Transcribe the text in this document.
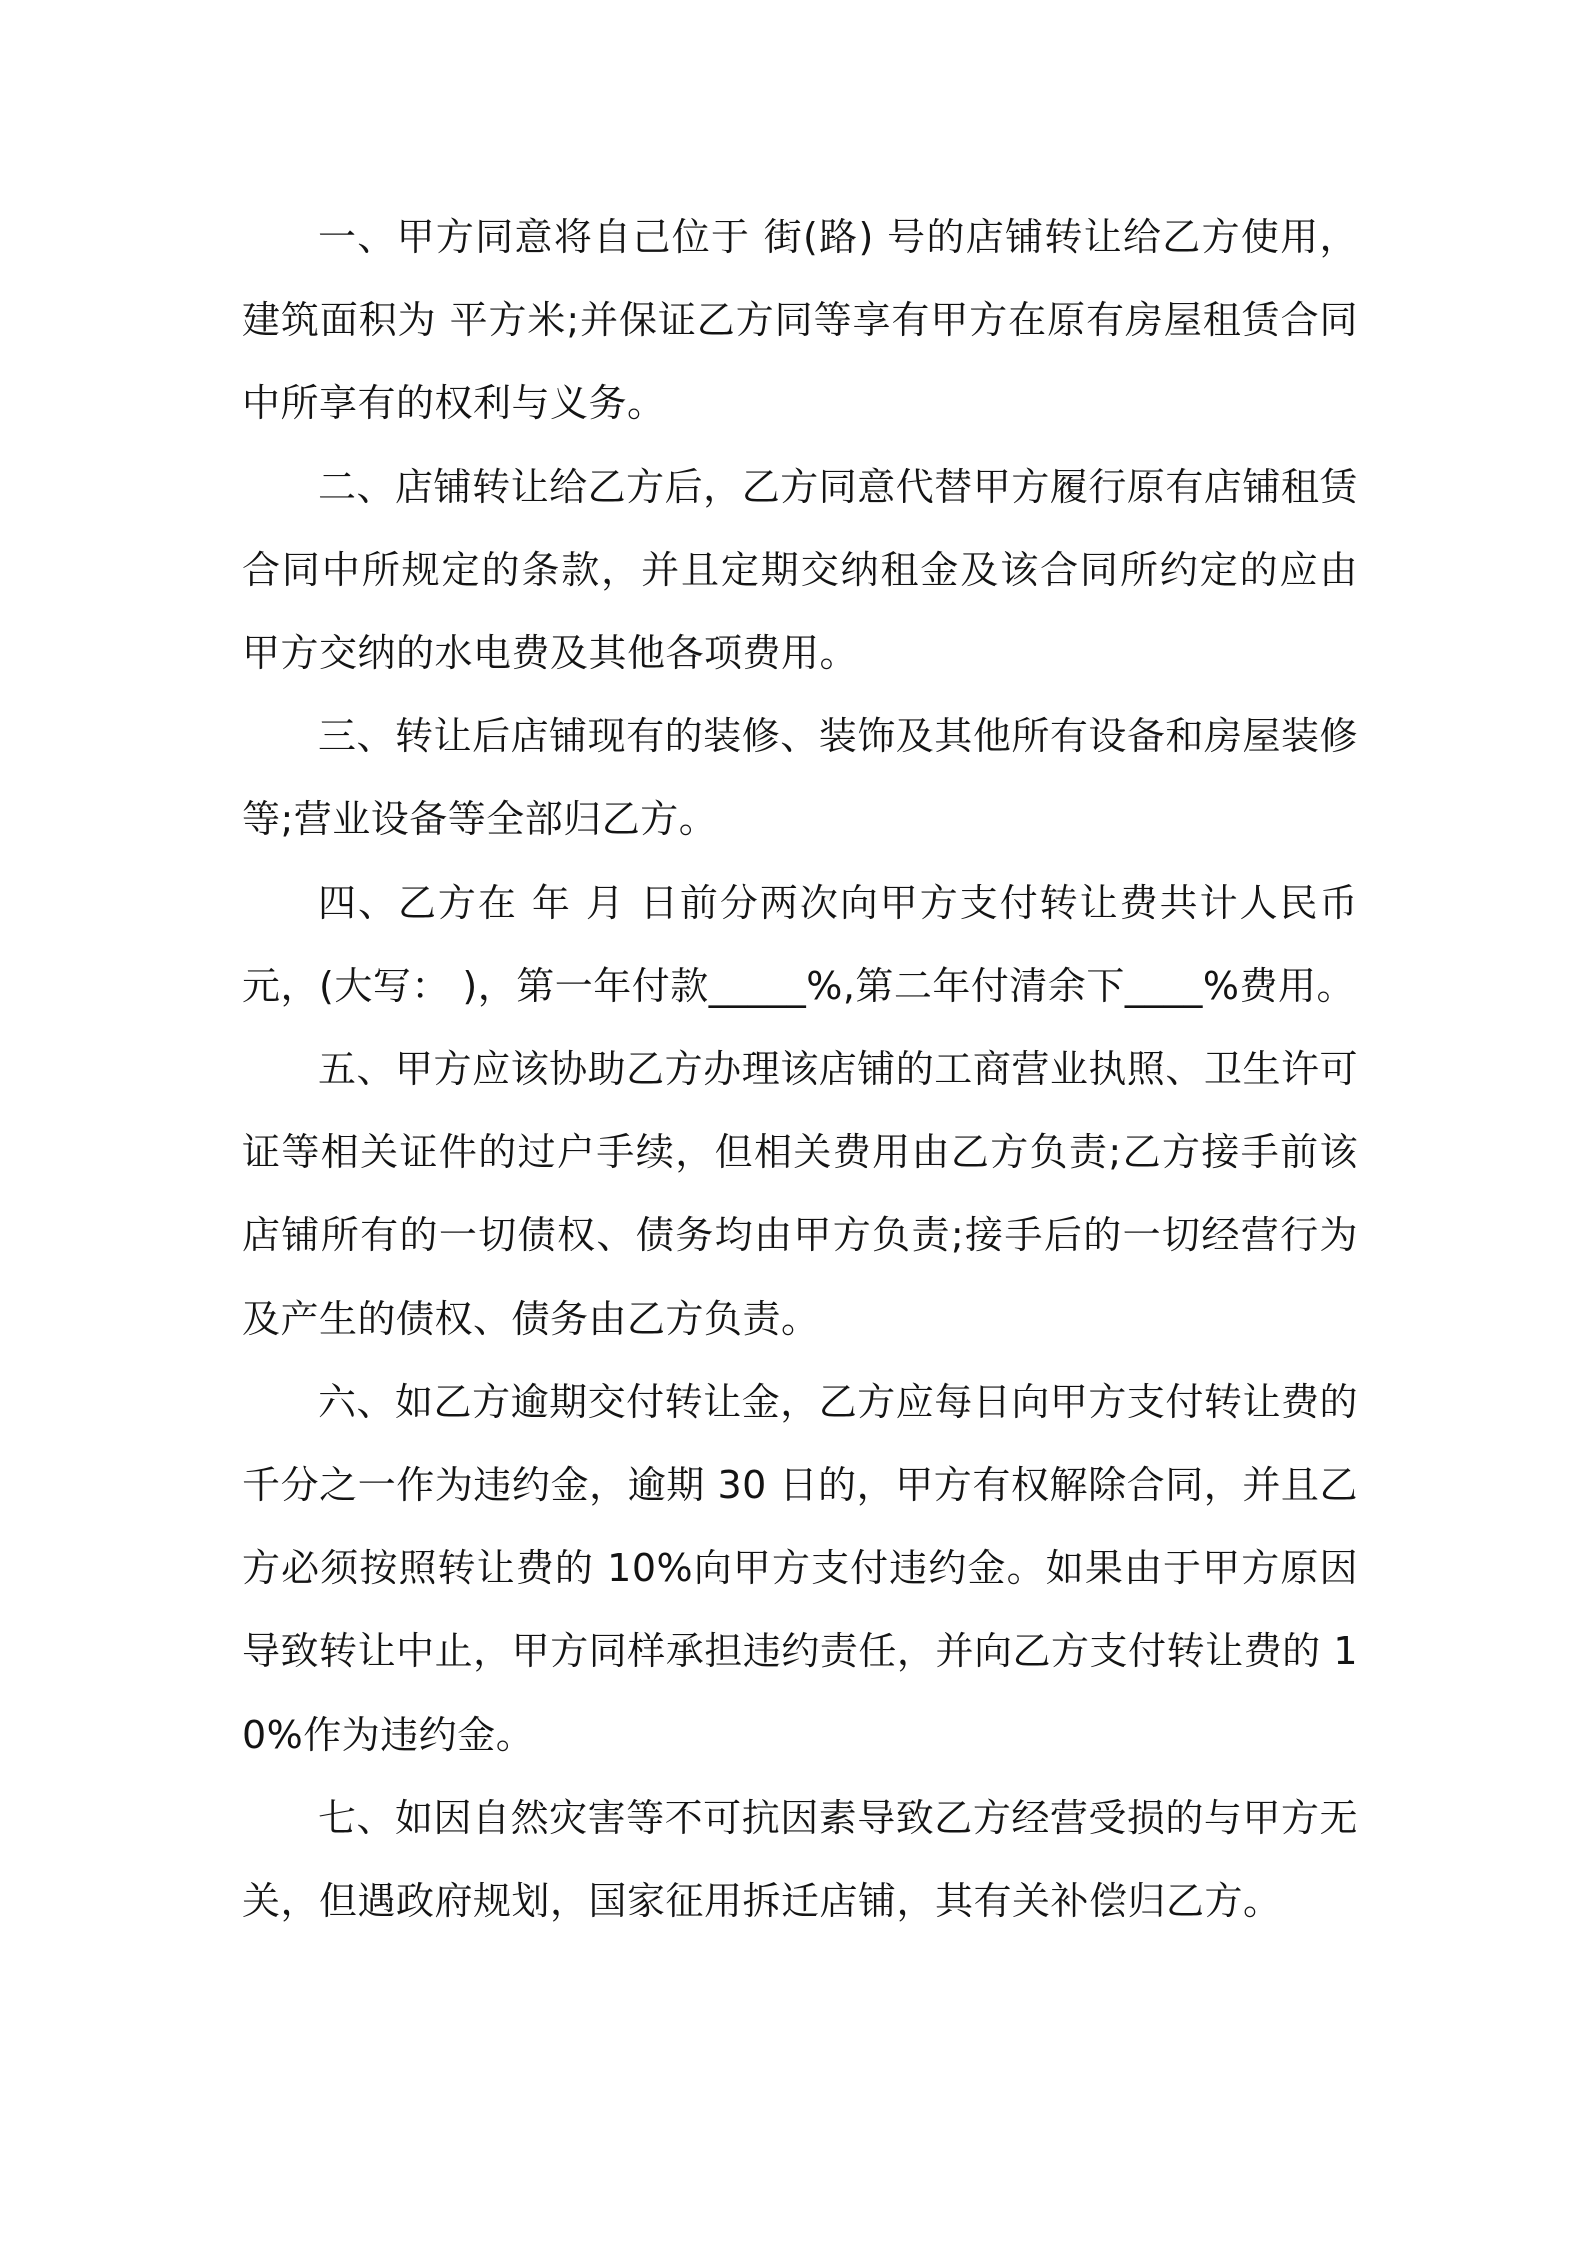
一、甲方同意将自己位于 街(路) 号的店铺转让给乙方使用，建筑面积为 平方米;并保证乙方同等享有甲方在原有房屋租赁合同中所享有的权利与义务。

二、店铺转让给乙方后，乙方同意代替甲方履行原有店铺租赁合同中所规定的条款，并且定期交纳租金及该合同所约定的应由甲方交纳的水电费及其他各项费用。

三、转让后店铺现有的装修、装饰及其他所有设备和房屋装修等;营业设备等全部归乙方。

四、乙方在 年 月 日前分两次向甲方支付转让费共计人民币 元，(大写： )，第一年付款_____%,第二年付清余下____%费用。

五、甲方应该协助乙方办理该店铺的工商营业执照、卫生许可证等相关证件的过户手续，但相关费用由乙方负责;乙方接手前该店铺所有的一切债权、债务均由甲方负责;接手后的一切经营行为及产生的债权、债务由乙方负责。

六、如乙方逾期交付转让金，乙方应每日向甲方支付转让费的千分之一作为违约金，逾期 30 日的，甲方有权解除合同，并且乙方必须按照转让费的 10%向甲方支付违约金。如果由于甲方原因导致转让中止，甲方同样承担违约责任，并向乙方支付转让费的 10%作为违约金。

七、如因自然灾害等不可抗因素导致乙方经营受损的与甲方无关，但遇政府规划，国家征用拆迁店铺，其有关补偿归乙方。
